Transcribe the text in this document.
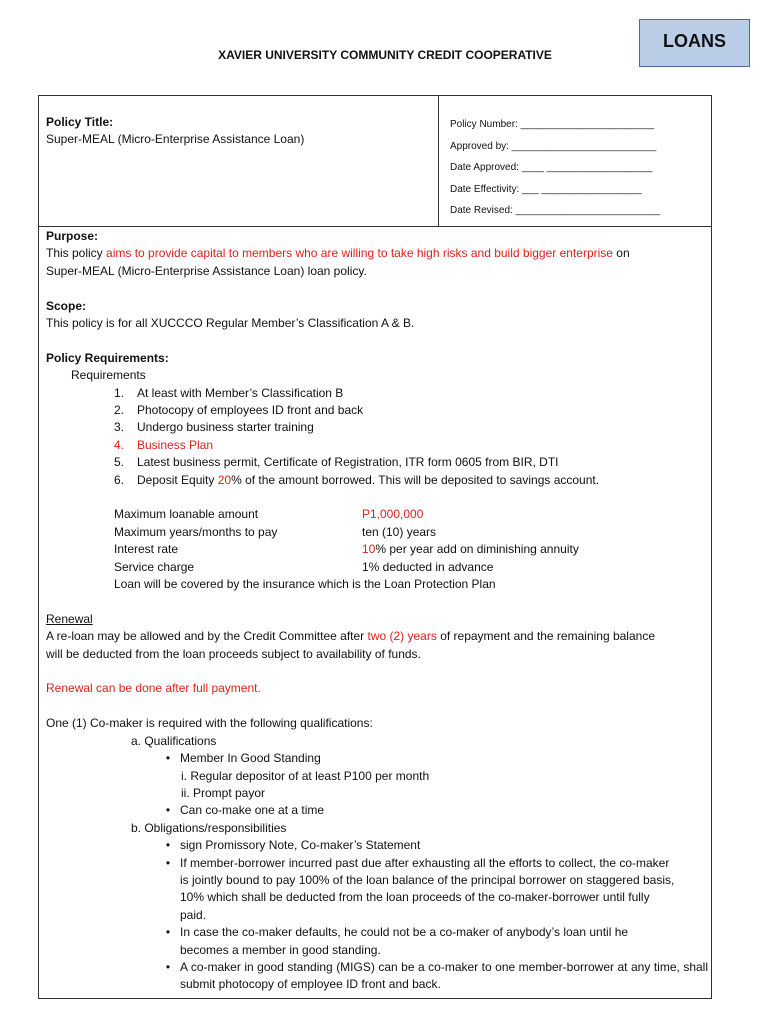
LOANS
XAVIER UNIVERSITY COMMUNITY CREDIT COOPERATIVE
Policy Title:
Super-MEAL (Micro-Enterprise Assistance Loan)
Policy Number: ________________________
Approved by: __________________________
Date Approved: ____ ___________________
Date Effectivity: ___ __________________
Date Revised: __________________________

Purpose:

This policy aims to provide capital to members who are willing to take high risks and build bigger enterprise on

Super-MEAL (Micro-Enterprise Assistance Loan) loan policy.

Scope:

This policy is for all XUCCCO Regular Member’s Classification A & B.

Policy Requirements:

Requirements

1.	At least with Member’s Classification B
2.	Photocopy of employees ID front and back
3.	Undergo business starter training
4.	Business Plan
5.	Latest business permit, Certificate of Registration, ITR form 0605 from BIR, DTI
6.	Deposit Equity 20% of the amount borrowed. This will be deposited to savings account.
Maximum loanable amount	P1,000,000
Maximum years/months to pay	ten (10) years
Interest rate	10% per year add on diminishing annuity
Service charge	1% deducted in advance
Loan will be covered by the insurance which is the Loan Protection Plan

Renewal

A re-loan may be allowed and by the Credit Committee after two (2) years of repayment and the remaining balance

will be deducted from the loan proceeds subject to availability of funds.

Renewal can be done after full payment.

One (1) Co-maker is required with the following qualifications:

a. Qualifications

• Member In Good Standing

i. Regular depositor of at least P100 per month

ii. Prompt payor

• Can co-make one at a time

b. Obligations/responsibilities

• sign Promissory Note, Co-maker’s Statement
• If member-borrower incurred past due after exhausting all the efforts to collect, the co-maker is jointly bound to pay 100% of the loan balance of the principal borrower on staggered basis, 10% which shall be deducted from the loan proceeds of the co-maker-borrower until fully paid.
• In case the co-maker defaults, he could not be a co-maker of anybody’s loan until he becomes a member in good standing.
• A co-maker in good standing (MIGS) can be a co-maker to one member-borrower at any time, shall submit photocopy of employee ID front and back.
